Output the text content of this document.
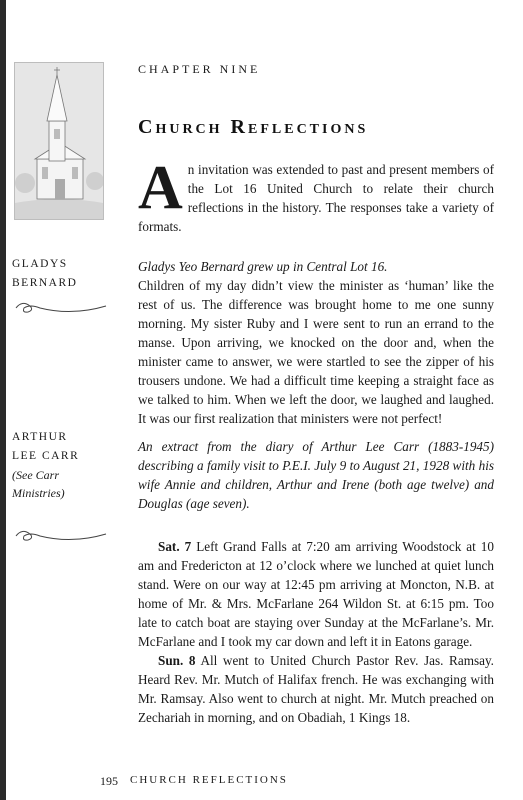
CHAPTER NINE
Church Reflections
A n invitation was extended to past and present members of the Lot 16 United Church to relate their church reflections in the history. The responses take a variety of formats.
GLADYS
BERNARD

Gladys Yeo Bernard grew up in Central Lot 16.

Children of my day didn’t view the minister as ‘human’ like the rest of us. The difference was brought home to me one sunny morning. My sister Ruby and I were sent to run an errand to the manse. Upon arriving, we knocked on the door and, when the minister came to answer, we were startled to see the zipper of his trousers undone. We had a difficult time keeping a straight face as we talked to him. When we left the door, we laughed and laughed. It was our first realization that ministers were not perfect!

ARTHUR
LEE CARR
(See Carr Ministries)

An extract from the diary of Arthur Lee Carr (1883-1945) describing a family visit to P.E.I. July 9 to August 21, 1928 with his wife Annie and children, Arthur and Irene (both age twelve) and Douglas (age seven).

Sat. 7 Left Grand Falls at 7:20 am arriving Woodstock at 10 am and Fredericton at 12 o’clock where we lunched at quiet lunch stand. Were on our way at 12:45 pm arriving at Moncton, N.B. at home of Mr. & Mrs. McFarlane 264 Wildon St. at 6:15 pm. Too late to catch boat are staying over Sunday at the McFarlane’s. Mr. McFarlane and I took my car down and left it in Eatons garage.

Sun. 8 All went to United Church Pastor Rev. Jas. Ramsay. Heard Rev. Mr. Mutch of Halifax french. He was exchanging with Mr. Ramsay. Also went to church at night. Mr. Mutch preached on Zechariah in morning, and on Obadiah, 1 Kings 18.

195 CHURCH REFLECTIONS
